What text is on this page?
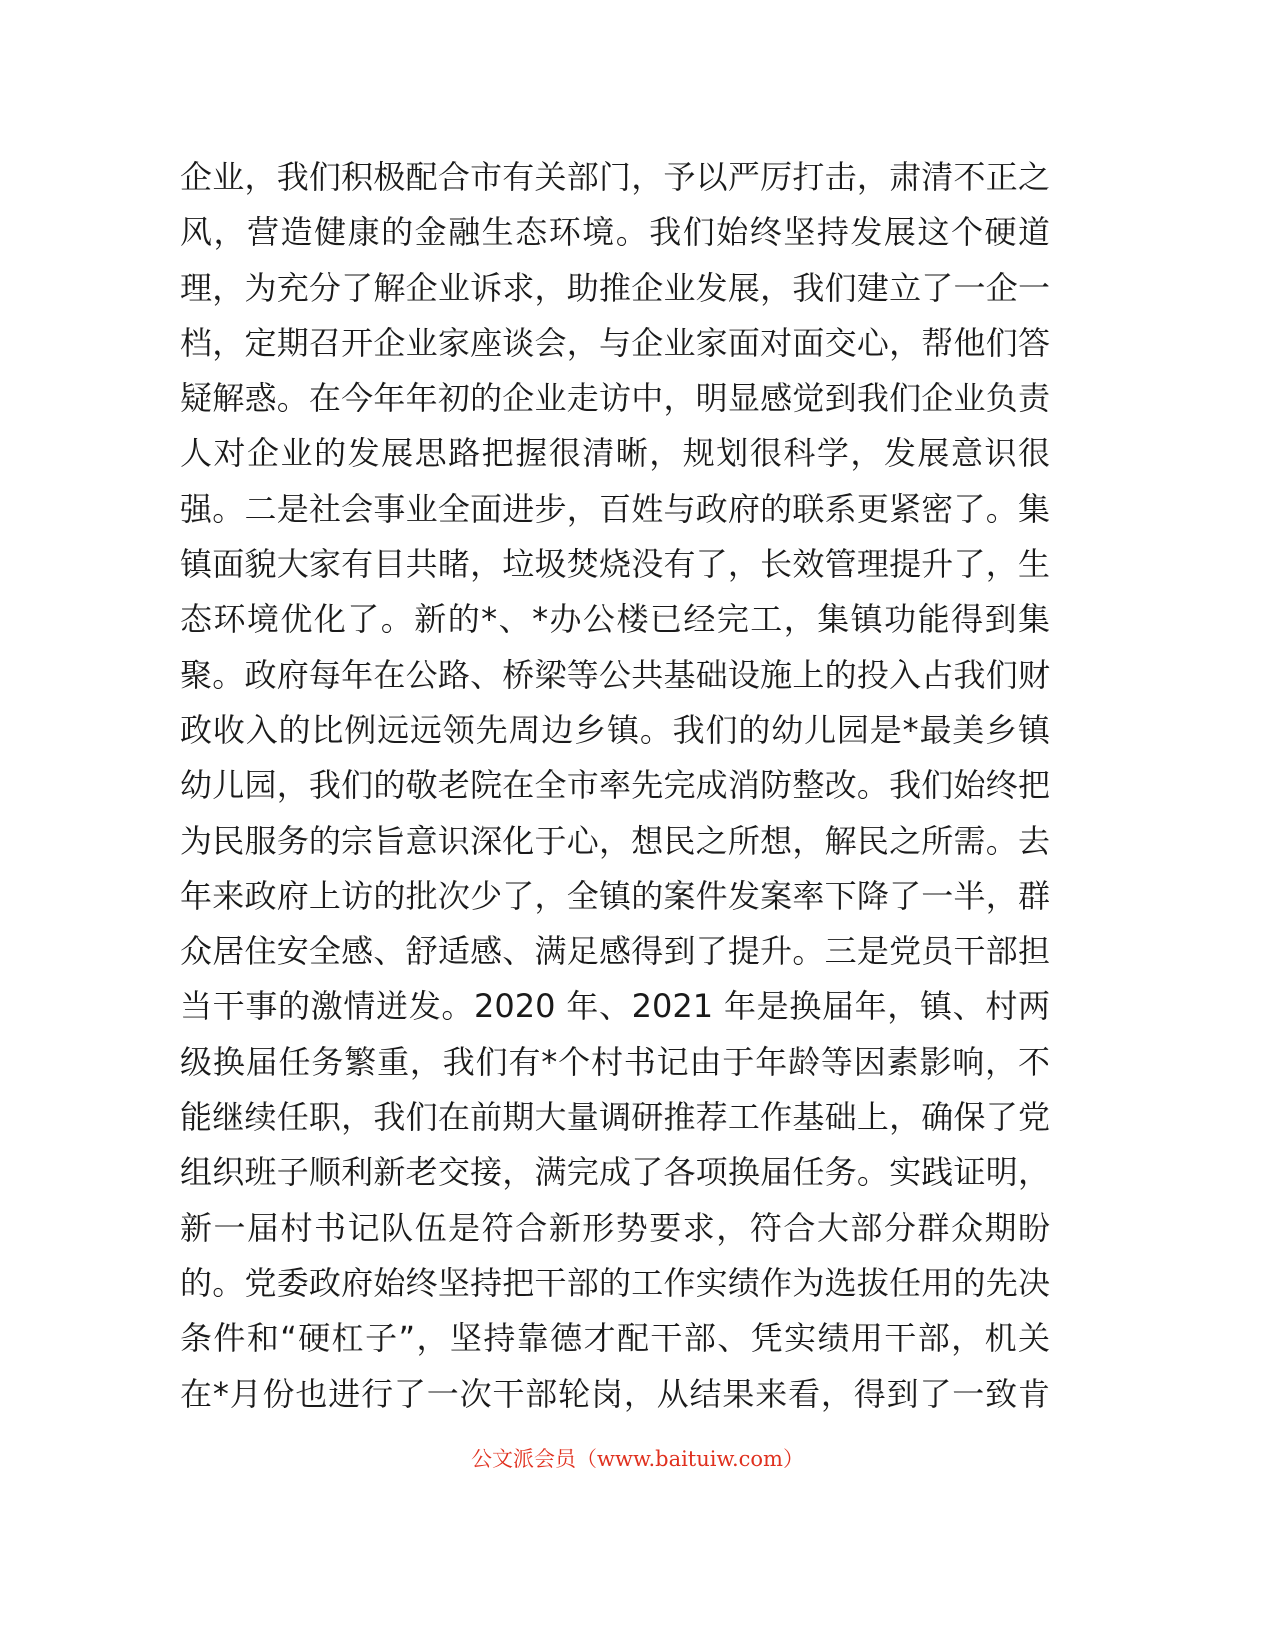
企业，我们积极配合市有关部门，予以严厉打击，肃清不正之
风，营造健康的金融生态环境。我们始终坚持发展这个硬道
理，为充分了解企业诉求，助推企业发展，我们建立了一企一
档，定期召开企业家座谈会，与企业家面对面交心，帮他们答
疑解惑。在今年年初的企业走访中，明显感觉到我们企业负责
人对企业的发展思路把握很清晰，规划很科学，发展意识很
强。二是社会事业全面进步，百姓与政府的联系更紧密了。集
镇面貌大家有目共睹，垃圾焚烧没有了，长效管理提升了，生
态环境优化了。新的*、*办公楼已经完工，集镇功能得到集
聚。政府每年在公路、桥梁等公共基础设施上的投入占我们财
政收入的比例远远领先周边乡镇。我们的幼儿园是*最美乡镇
幼儿园，我们的敬老院在全市率先完成消防整改。我们始终把
为民服务的宗旨意识深化于心，想民之所想，解民之所需。去
年来政府上访的批次少了，全镇的案件发案率下降了一半，群
众居住安全感、舒适感、满足感得到了提升。三是党员干部担
当干事的激情迸发。2020 年、2021 年是换届年，镇、村两
级换届任务繁重，我们有*个村书记由于年龄等因素影响，不
能继续任职，我们在前期大量调研推荐工作基础上，确保了党
组织班子顺利新老交接，满完成了各项换届任务。实践证明，
新一届村书记队伍是符合新形势要求，符合大部分群众期盼
的。党委政府始终坚持把干部的工作实绩作为选拔任用的先决
条件和“硬杠子”，坚持靠德才配干部、凭实绩用干部，机关
在*月份也进行了一次干部轮岗，从结果来看，得到了一致肯
公文派会员（www.baituiw.com）
